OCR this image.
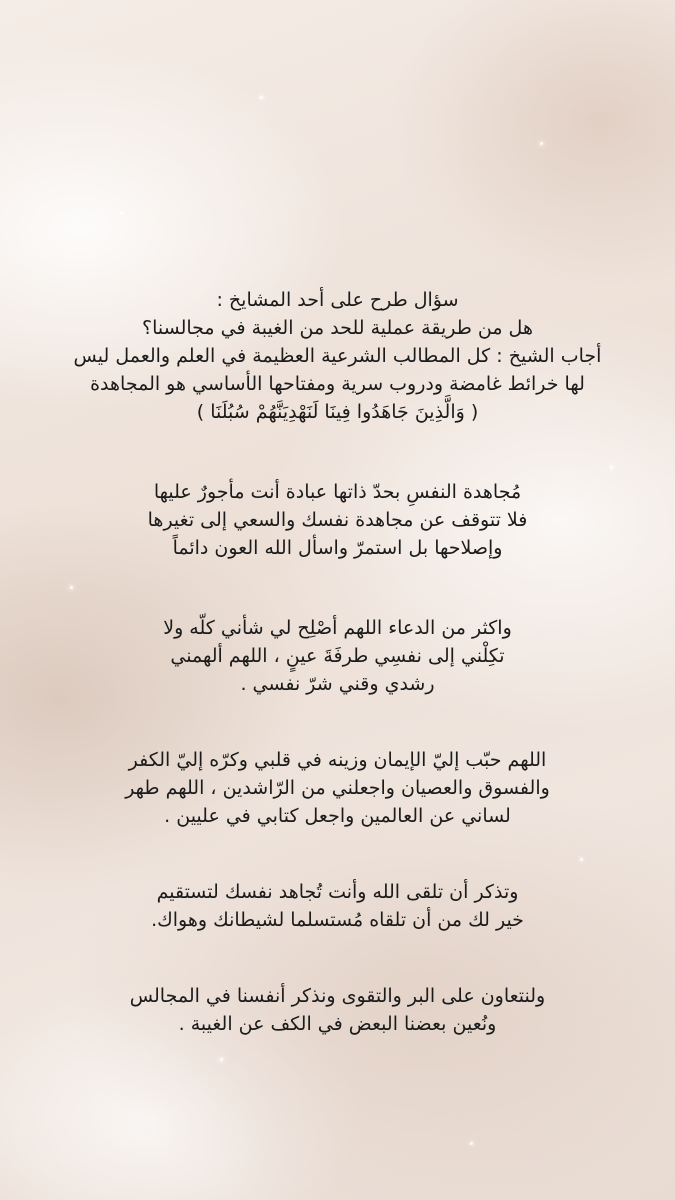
سؤال طرح على أحد المشايخ :
هل من طريقة عملية للحد من الغيبة في مجالسنا؟
أجاب الشيخ : كل المطالب الشرعية العظيمة في العلم والعمل ليس
لها خرائط غامضة ودروب سرية ومفتاحها الأساسي هو المجاهدة
( وَالَّذِينَ جَاهَدُوا فِينَا لَنَهْدِيَنَّهُمْ سُبُلَنَا )
مُجاهدة النفسِ بحدّ ذاتها عبادة أنت مأجورٌ عليها
فلا تتوقف عن مجاهدة نفسك والسعي إلى تغيرها
وإصلاحها بل استمرّ واسأل الله العون دائماً
واكثر من الدعاء اللهم أصْلِح لي شأني كلّه ولا
تكِلْني إلى نفسِي طرفَةَ عينٍ ، اللهم ألهمني
رشدي وقني شرّ نفسي .
اللهم حبّب إليّ الإيمان وزينه في قلبي وكرّه إليّ الكفر
والفسوق والعصيان واجعلني من الرّاشدين ، اللهم طهر
لساني عن العالمين واجعل كتابي في عليين .
وتذكر أن تلقى الله وأنت تُجاهد نفسك لتستقيم
خير لك من أن تلقاه مُستسلما لشيطانك وهواك.
ولنتعاون على البر والتقوى ونذكر أنفسنا في المجالس
ونُعين بعضنا البعض في الكف عن الغيبة .
